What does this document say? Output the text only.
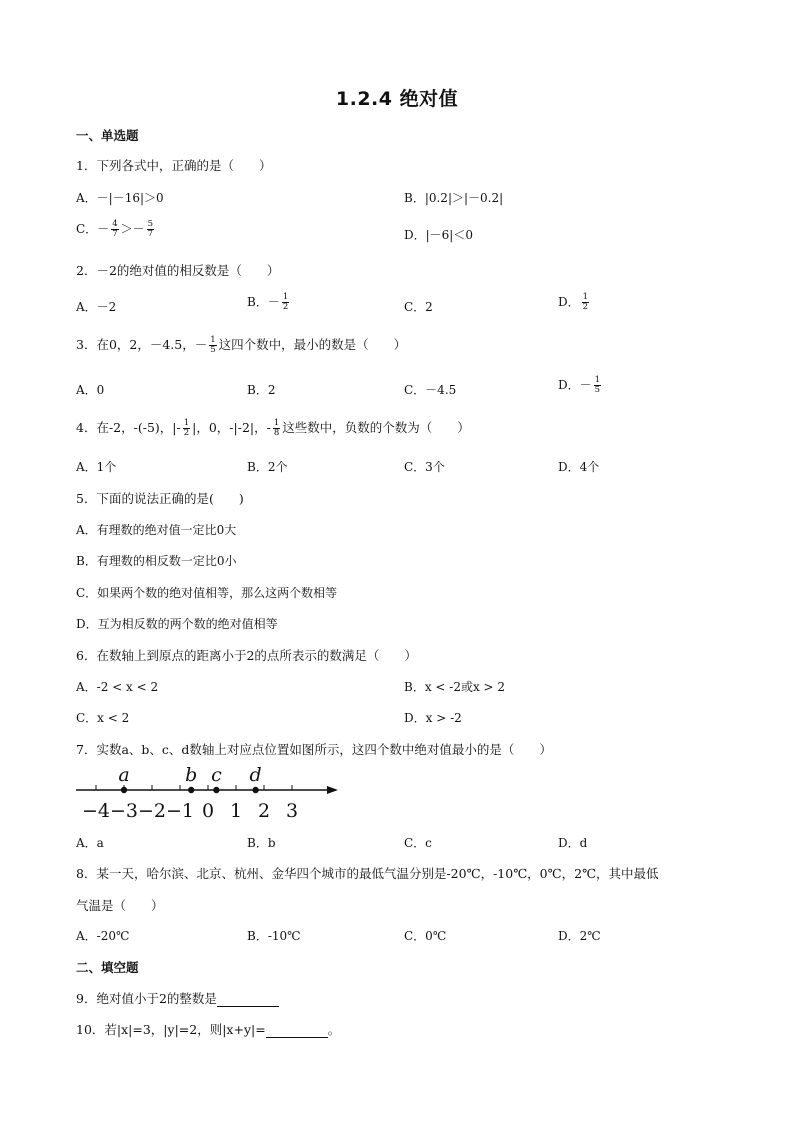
1.2.4 绝对值
一、单选题
1．下列各式中，正确的是（　　）
A．－|－16|＞0	B．|0.2|＞|－0.2|
C．－ $\frac{4}{7} >- \frac{5}{7}$	D．|－6|＜0
2．－2的绝对值的相反数是（　　）
A．－2	B．－ $\frac{1}{2}$	C．2	D． $\frac{1}{2}$
3．在0，2，－4.5，－ $\frac{1}{5}$ 这四个数中，最小的数是（　　）
A．0	B．2	C．－4.5	D．－ $\frac{1}{5}$
4．在-2，-(-5)，|- $\frac{1}{2}$ |，0，-|-2|，- $\frac{1}{8}$ 这些数中，负数的个数为（　　）
A．1个	B．2个	C．3个	D．4个
5．下面的说法正确的是(　　)
A．有理数的绝对值一定比0大
B．有理数的相反数一定比0小
C．如果两个数的绝对值相等，那么这两个数相等
D．互为相反数的两个数的绝对值相等
6．在数轴上到原点的距离小于2的点所表示的数满足（　　）
A．-2 < x < 2	B．x < -2或x > 2
C．x < 2	D．x > -2
7．实数a、b、c、d数轴上对应点位置如图所示，这四个数中绝对值最小的是（　　）
−4 −3 −2 −1 0 1 2 3
a	b c d
A．a	B．b	C．c	D．d
8．某一天，哈尔滨、北京、杭州、金华四个城市的最低气温分别是-20℃，-10℃，0℃，2℃，其中最低
气温是（　　）
A．-20℃	B．-10℃	C．0℃	D．2℃
二、填空题
9．绝对值小于2的整数是
10．若|x|=3，|y|=2，则|x+y|=	。
